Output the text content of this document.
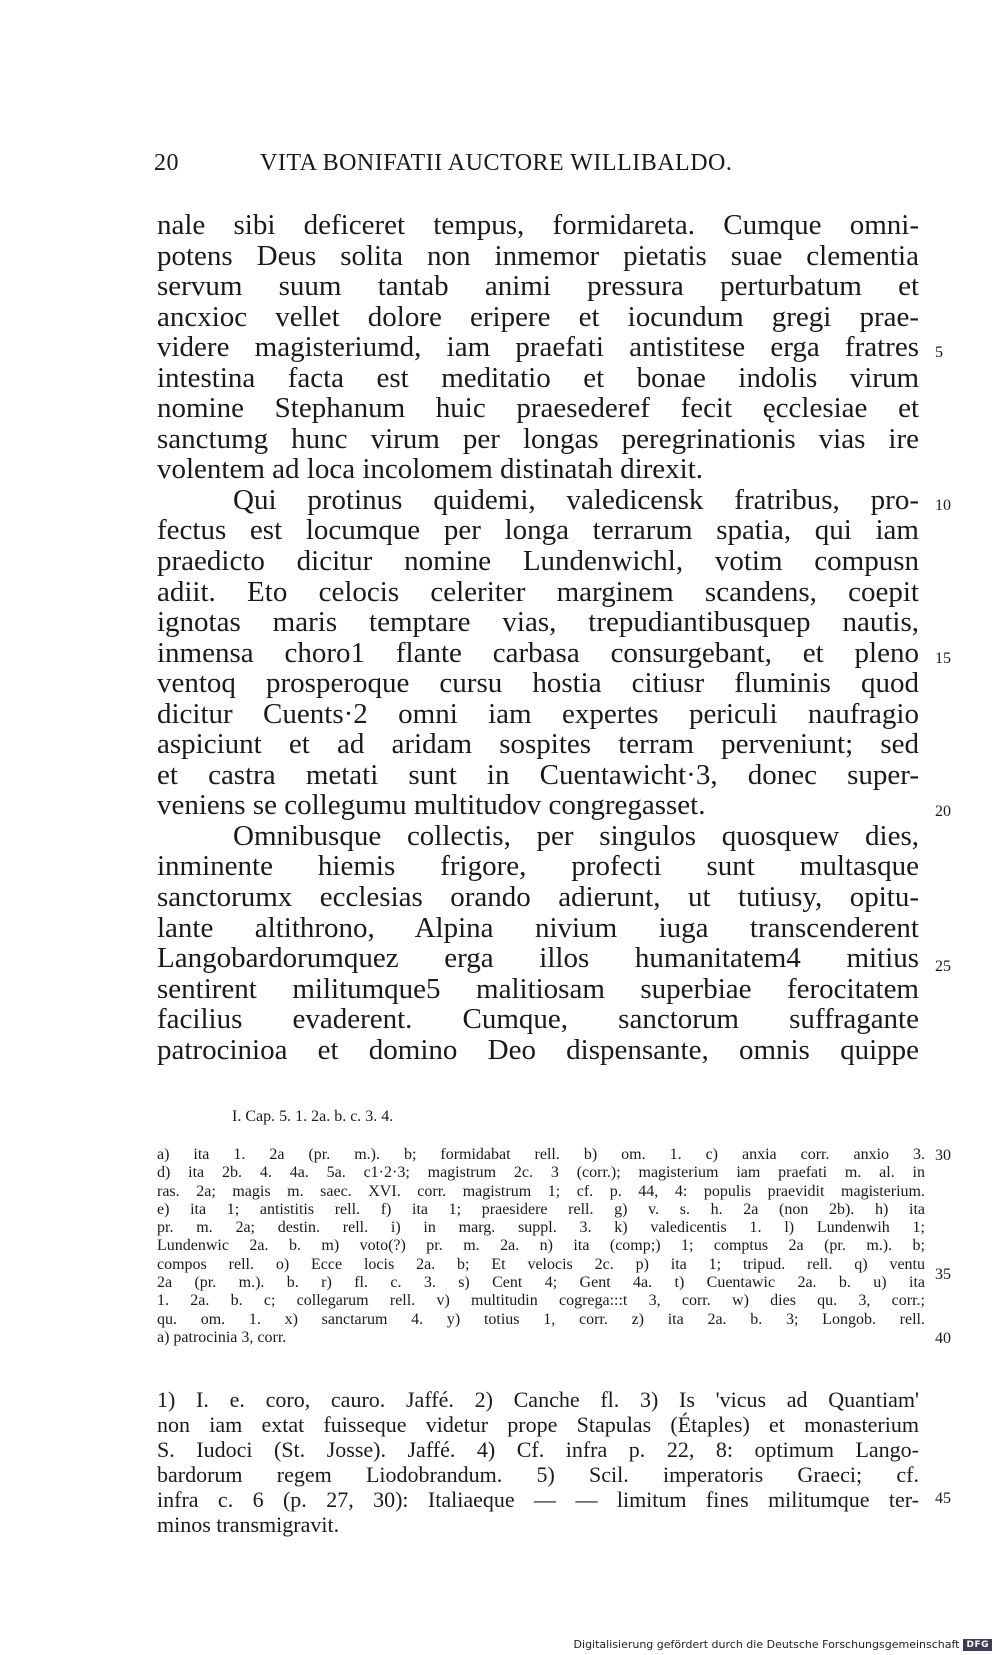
20	VITA BONIFATII AUCTORE WILLIBALDO.
nale sibi deficeret tempus, formidareta. Cumque omni-
potens Deus solita non inmemor pietatis suae clementia
servum suum tantab animi pressura perturbatum et
ancxioc vellet dolore eripere et iocundum gregi prae-
videre magisteriumd, iam praefati antistitese erga fratres
intestina facta est meditatio et bonae indolis virum
nomine Stephanum huic praesederef fecit ęcclesiae et
sanctumg hunc virum per longas peregrinationis vias ire
volentem ad loca incolomem distinatah direxit.
Qui protinus quidemi, valedicensk fratribus, pro-
fectus est locumque per longa terrarum spatia, qui iam
praedicto dicitur nomine Lundenwichl, votim compusn
adiit. Eto celocis celeriter marginem scandens, coepit
ignotas maris temptare vias, trepudiantibusquep nautis,
inmensa choro1 flante carbasa consurgebant, et pleno
ventoq prosperoque cursu hostia citiusr fluminis quod
dicitur Cuents·2 omni iam expertes periculi naufragio
aspiciunt et ad aridam sospites terram perveniunt; sed
et castra metati sunt in Cuentawicht·3, donec super-
veniens se collegumu multitudov congregasset.
Omnibusque collectis, per singulos quosquew dies,
inminente hiemis frigore, profecti sunt multasque
sanctorumx ecclesias orando adierunt, ut tutiusy, opitu-
lante altithrono, Alpina nivium iuga transcenderent
Langobardorumquez erga illos humanitatem4 mitius
sentirent militumque5 malitiosam superbiae ferocitatem
facilius evaderent. Cumque, sanctorum suffragante
patrocinioa et domino Deo dispensante, omnis quippe
5
10
15
20
25
I. Cap. 5. 1. 2a. b. c. 3. 4.
a) ita 1. 2a (pr. m.). b; formidabat rell. b) om. 1. c) anxia corr. anxio 3.
d) ita 2b. 4. 4a. 5a. c1·2·3; magistrum 2c. 3 (corr.); magisterium iam praefati m. al. in
ras. 2a; magis m. saec. XVI. corr. magistrum 1; cf. p. 44, 4: populis praevidit magisterium.
e) ita 1; antistitis rell. f) ita 1; praesidere rell. g) v. s. h. 2a (non 2b). h) ita
pr. m. 2a; destin. rell. i) in marg. suppl. 3. k) valedicentis 1. l) Lundenwih 1;
Lundenwic 2a. b. m) voto(?) pr. m. 2a. n) ita (comp;) 1; comptus 2a (pr. m.). b;
compos rell. o) Ecce locis 2a. b; Et velocis 2c. p) ita 1; tripud. rell. q) ventu
2a (pr. m.). b. r) fl. c. 3. s) Cent 4; Gent 4a. t) Cuentawic 2a. b. u) ita
1. 2a. b. c; collegarum rell. v) multitudin cogrega:::t 3, corr. w) dies qu. 3, corr.;
qu. om. 1. x) sanctarum 4. y) totius 1, corr. z) ita 2a. b. 3; Longob. rell.
a) patrocinia 3, corr.
30
35
40
1) I. e. coro, cauro. Jaffé. 2) Canche fl. 3) Is 'vicus ad Quantiam'
non iam extat fuisseque videtur prope Stapulas (Étaples) et monasterium
S. Iudoci (St. Josse). Jaffé. 4) Cf. infra p. 22, 8: optimum Lango-
bardorum regem Liodobrandum. 5) Scil. imperatoris Graeci; cf.
infra c. 6 (p. 27, 30): Italiaeque — — limitum fines militumque ter-
minos transmigravit.
45
Digitalisierung gefördert durch die Deutsche Forschungsgemeinschaft DFG
